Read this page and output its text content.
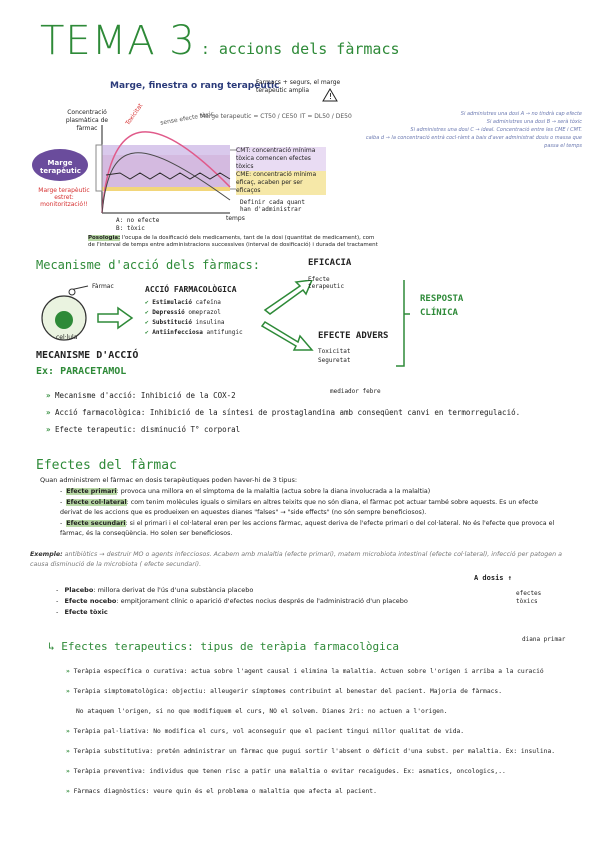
TEMA 3 : accions dels fàrmacs
Marge, finestra o rang terapèutic
Farmacs + segurs, el marge terapeutic amplia
!
Marge terapeutic = CT50 / CE50 IT = DL50 / DE50
Concentració plasmàtica de fàrmac
Marge terapèutic
Marge terapèutic estret: monitorització!!
Toxicitat	sense efecte tòxic
CMT: concentració mínima tòxica comencen efectes tòxics
CME: concentració mínima eficaç, acaben per ser eficaços
Definir cada quant han d'administrar
temps
A: no efecte
B: tòxic
Posologia: l'ocupa de la dosificació dels medicaments, tant de la dosi (quantitat de medicament), com de l'interval de temps entre administracions successives (interval de dosificació) i durada del tractament
Si administres una dosi A → no tindrà cap efecte
Si administres una dosi B → serà tòxic
Si administres una dosi C → ideal. Concentració entre les CME i CMT.
caiba d → la concentració entrà cocl·ràmt a baix d'aver administrat dosis o massa que passa el temps
Mecanisme d'acció dels fàrmacs:
Fàrmac
cel·lula
ACCIÓ FARMACOLÒGICA
✔ Estimulació cafeïna
✔ Depressió omeprazol
✔ Substitució insulina
✔ Antiinfecciosa antifungic
EFICACIA
Efecte terapeutic
EFECTE ADVERS
Toxicitat
Seguretat
RESPOSTA CLÍNICA
MECANISME D'ACCIÓ
Ex: PARACETAMOL
mediador febre
» Mecanisme d'acció: Inhibició de la COX-2
» Acció farmacològica: Inhibició de la síntesi de prostaglandina amb conseqüent canvi en termorregulació.
» Efecte terapeutic: disminució T° corporal
Efectes del fàrmac
Quan administrem el fàrmac en dosis terapèutiques poden haver-hi de 3 tipus:
-  Efecte primari: provoca una millora en el símptoma de la malaltia (actua sobre la diana involucrada a la malaltia)
-  Efecte col·lateral: com tenim molècules iguals o similars en altres teixits que no són diana, el fàrmac pot actuar també sobre aquests. Es un efecte derivat de les accions que es produeixen en aquestes dianes "falses" → "side effects" (no són sempre beneficiosos).
-  Efecte secundari: si el primari i el col·lateral eren per les accions fàrmac, aquest deriva de l'efecte primari o del col·lateral. No és l'efecte que provoca el fàrmac, és la conseqüència. Ho solen ser beneficiosos.
Exemple: antibiòtics → destruir MO o agents infecciosos. Acabem amb malaltia (efecte primari), matem microbiota intestinal (efecte col·lateral), infecció per patogen a causa disminució de la microbiota ( efecte secundari).
-   Placebo: millora derivat de l'ús d'una substància placebo
-   Efecte nocebo: empitjorament clínic o aparició d'efectes nocius després de l'administració d'un placebo
-   Efecte tòxic
A dosis ↑
efectes tòxics
↳ Efectes terapeutics: tipus de teràpia farmacològica
diana primar
» Teràpia específica o curativa: actua sobre l'agent causal i elimina la malaltia. Actuen sobre l'origen i arriba a la curació
» Teràpia simptomatològica: objectiu: alleugerir símptomes contribuint al benestar del pacient. Majoria de fàrmacs.
No ataquem l'origen, si no que modifiquem el curs, NO el solvem. Dianes 2ri: no actuen a l'origen.
» Teràpia pal·liativa: No modifica el curs, vol aconseguir que el pacient tingui millor qualitat de vida.
» Teràpia substitutiva: pretén administrar un fàrmac que pugui sortir l'absent o dèficit d'una subst. per malaltia. Ex: insulina.
» Teràpia preventiva: individus que tenen risc a patir una malaltia o evitar recaigudes. Ex: asmatics, oncologics,..
» Fàrmacs diagnòstics: veure quin és el problema o malaltia que afecta al pacient.
